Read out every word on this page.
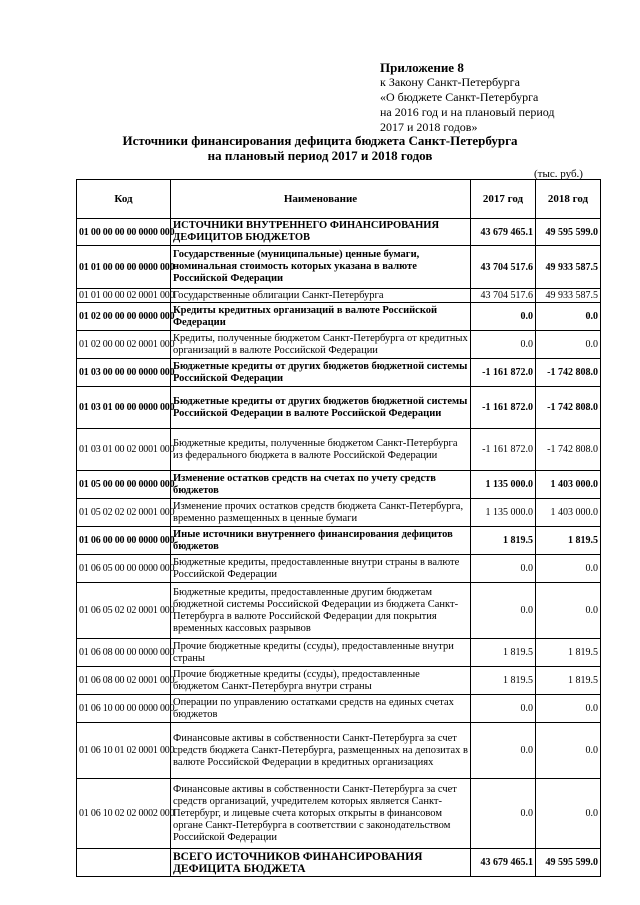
Приложение 8
к Закону Санкт-Петербурга
«О бюджете Санкт-Петербурга
на 2016 год и на плановый период
2017 и 2018 годов»
Источники финансирования дефицита бюджета Санкт-Петербурга
на плановый период 2017 и 2018 годов
(тыс. руб.)
Код	Наименование	2017 год	2018 год
01 00 00 00 00 0000 000	ИСТОЧНИКИ ВНУТРЕННЕГО ФИНАНСИРОВАНИЯ ДЕФИЦИТОВ БЮДЖЕТОВ	43 679 465.1	49 595 599.0
01 01 00 00 00 0000 000	Государственные (муниципальные) ценные бумаги, номинальная стоимость которых указана в валюте Российской Федерации	43 704 517.6	49 933 587.5
01 01 00 00 02 0001 000	Государственные облигации Санкт-Петербурга	43 704 517.6	49 933 587.5
01 02 00 00 00 0000 000	Кредиты кредитных организаций в валюте Российской Федерации	0.0	0.0
01 02 00 00 02 0001 000	Кредиты, полученные бюджетом Санкт-Петербурга от кредитных организаций в валюте Российской Федерации	0.0	0.0
01 03 00 00 00 0000 000	Бюджетные кредиты от других бюджетов бюджетной системы Российской Федерации	-1 161 872.0	-1 742 808.0
01 03 01 00 00 0000 000	Бюджетные кредиты от других бюджетов бюджетной системы Российской Федерации в валюте Российской Федерации	-1 161 872.0	-1 742 808.0
01 03 01 00 02 0001 000	Бюджетные кредиты, полученные бюджетом Санкт-Петербурга из федерального бюджета в валюте Российской Федерации	-1 161 872.0	-1 742 808.0
01 05 00 00 00 0000 000	Изменение остатков средств на счетах по учету средств бюджетов	1 135 000.0	1 403 000.0
01 05 02 02 02 0001 000	Изменение прочих остатков средств бюджета Санкт-Петербурга, временно размещенных в ценные бумаги	1 135 000.0	1 403 000.0
01 06 00 00 00 0000 000	Иные источники внутреннего финансирования дефицитов бюджетов	1 819.5	1 819.5
01 06 05 00 00 0000 000	Бюджетные кредиты, предоставленные внутри страны в валюте Российской Федерации	0.0	0.0
01 06 05 02 02 0001 000	Бюджетные кредиты, предоставленные другим бюджетам бюджетной системы Российской Федерации из бюджета Санкт-Петербурга в валюте Российской Федерации для покрытия временных кассовых разрывов	0.0	0.0
01 06 08 00 00 0000 000	Прочие бюджетные кредиты (ссуды), предоставленные внутри страны	1 819.5	1 819.5
01 06 08 00 02 0001 000	Прочие бюджетные кредиты (ссуды), предоставленные бюджетом Санкт-Петербурга внутри страны	1 819.5	1 819.5
01 06 10 00 00 0000 000	Операции по управлению остатками средств на единых счетах бюджетов	0.0	0.0
01 06 10 01 02 0001 000	Финансовые активы в собственности Санкт-Петербурга за счет средств бюджета Санкт-Петербурга, размещенных на депозитах в валюте Российской Федерации в кредитных организациях	0.0	0.0
01 06 10 02 02 0002 000	Финансовые активы в собственности Санкт-Петербурга за счет средств организаций, учредителем которых является Санкт-Петербург, и лицевые счета которых открыты в финансовом органе Санкт-Петербурга в соответствии с законодательством Российской Федерации	0.0	0.0
	ВСЕГО ИСТОЧНИКОВ ФИНАНСИРОВАНИЯ ДЕФИЦИТА БЮДЖЕТА	43 679 465.1	49 595 599.0
